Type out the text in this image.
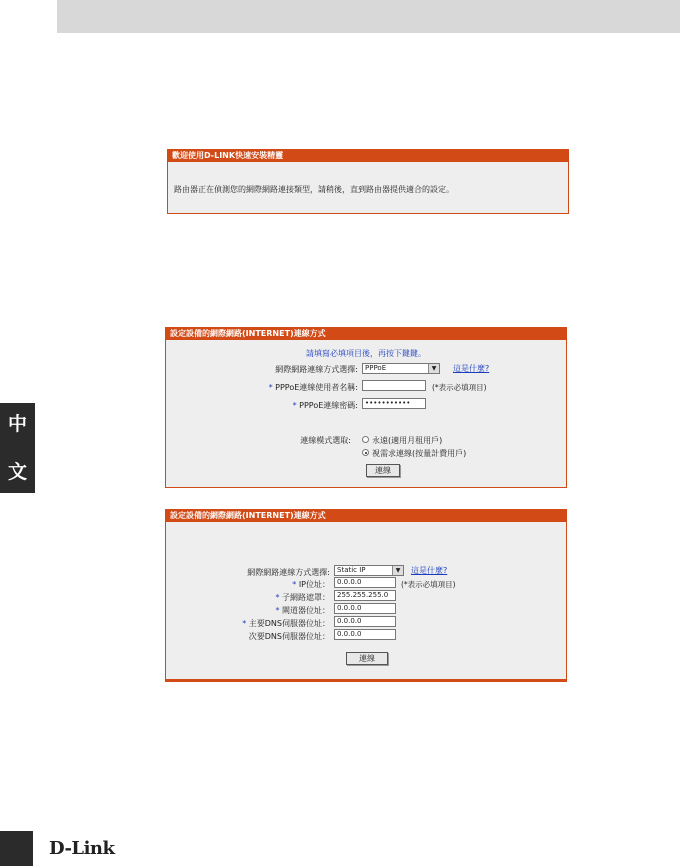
中
文
歡迎使用D-LINK快速安裝精靈
路由器正在偵測您的網際網路連接類型，請稍後，直到路由器提供適合的設定。
設定設備的網際網路(INTERNET)連線方式
請填寫必填項目後，再按下鍵鍵。
網際網路連線方式選擇:	PPPoE	▼	這是什麼?
* PPPoE連線使用者名稱:	(*表示必填項目)
* PPPoE連線密碼:	•••••••••••
連線模式選取:	永遠(適用月租用戶)
視需求連線(按量計費用戶)
連線
設定設備的網際網路(INTERNET)連線方式
網際網路連線方式選擇:	Static IP	▼	這是什麼?
* IP位址：	0.0.0.0	(*表示必填項目)
* 子網路遮罩：	255.255.255.0
* 閘道器位址：	0.0.0.0
* 主要DNS伺服器位址：	0.0.0.0
次要DNS伺服器位址：	0.0.0.0
連線
D-Link
